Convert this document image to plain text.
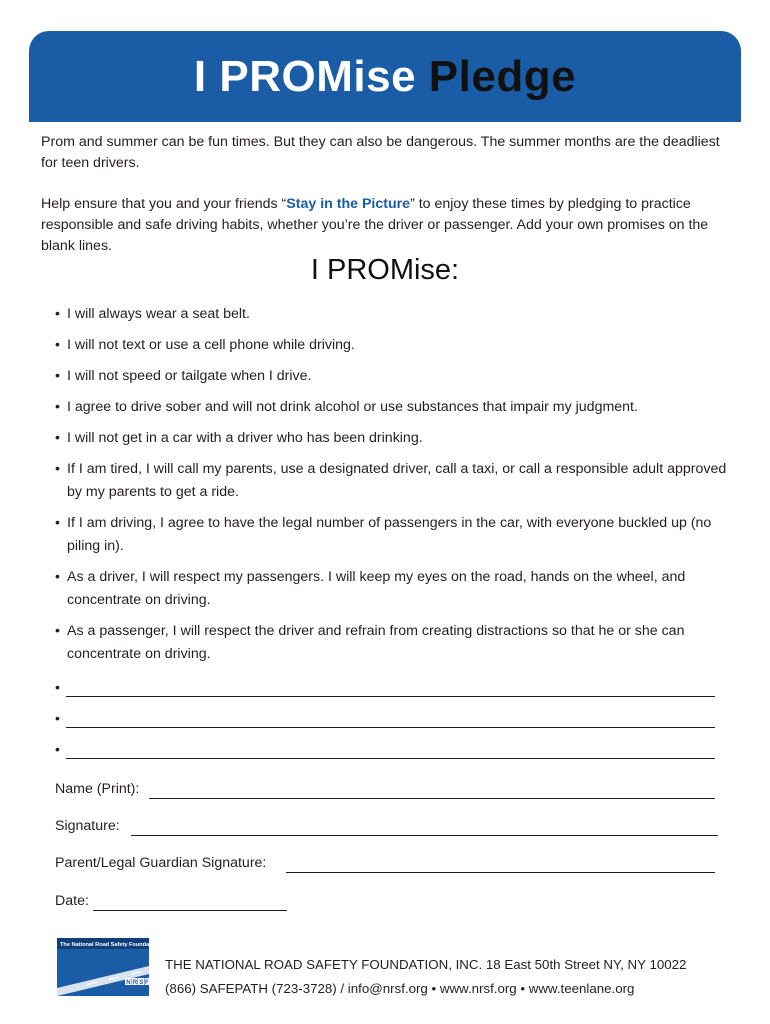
I PROMise Pledge

Prom and summer can be fun times. But they can also be dangerous. The summer months are the deadliest for teen drivers.

Help ensure that you and your friends “Stay in the Picture” to enjoy these times by pledging to practice responsible and safe driving habits, whether you’re the driver or passenger. Add your own promises on the blank lines.

I PROMise:
• I will always wear a seat belt.
• I will not text or use a cell phone while driving.
• I will not speed or tailgate when I drive.
• I agree to drive sober and will not drink alcohol or use substances that impair my judgment.
• I will not get in a car with a driver who has been drinking.
• If I am tired, I will call my parents, use a designated driver, call a taxi, or call a responsible adult approved by my parents to get a ride.
• If I am driving, I agree to have the legal number of passengers in the car, with everyone buckled up (no piling in).
• As a driver, I will respect my passengers. I will keep my eyes on the road, hands on the wheel, and concentrate on driving.
• As a passenger, I will respect the driver and refrain from creating distractions so that he or she can concentrate on driving.
•
•
•
Name (Print):
Signature:
Parent/Legal Guardian Signature:
Date:
The National Road Safety Foundation
N R S F
THE NATIONAL ROAD SAFETY FOUNDATION, INC. 18 East 50th Street NY, NY 10022
(866) SAFEPATH (723-3728) / info@nrsf.org • www.nrsf.org • www.teenlane.org
